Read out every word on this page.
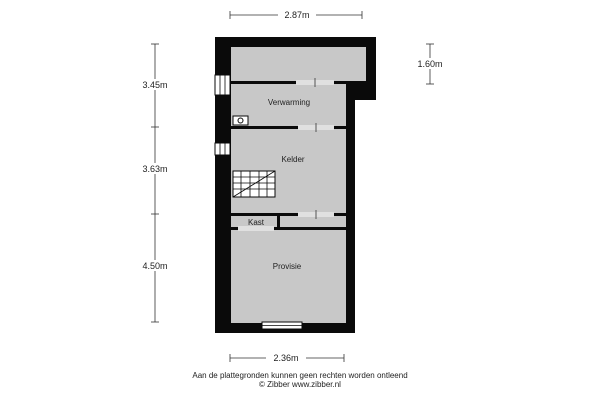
Verwarming
Kelder
Kast
Provisie
2.87m
2.36m
3.45m
3.63m
4.50m
1.60m
Aan de plattegronden kunnen geen rechten worden ontleend
© Zibber www.zibber.nl
